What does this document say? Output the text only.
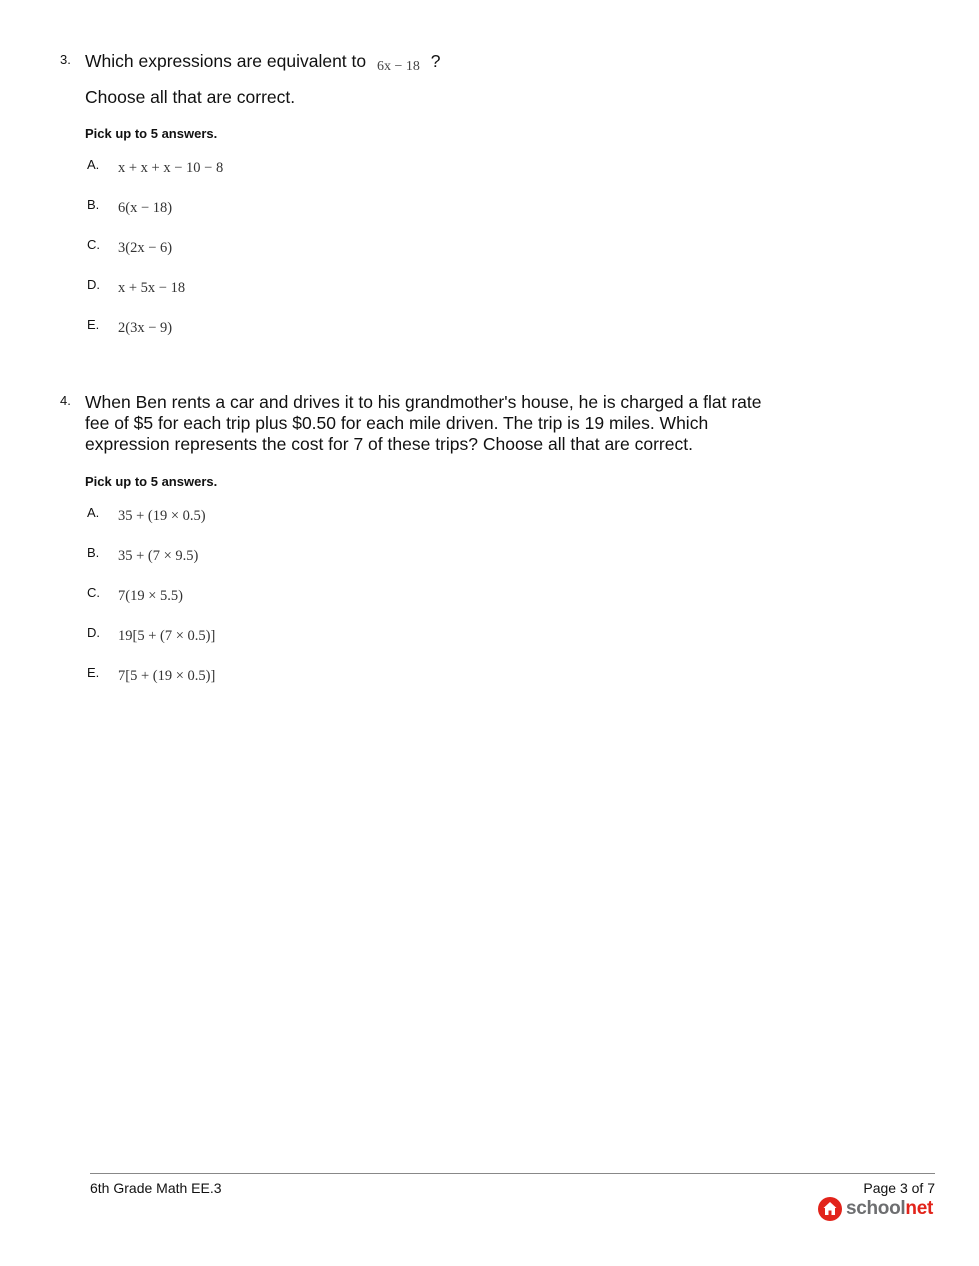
3. Which expressions are equivalent to 6x − 18 ?
Choose all that are correct.
Pick up to 5 answers.
A. x + x + x − 10 − 8
B. 6(x − 18)
C. 3(2x − 6)
D. x + 5x − 18
E. 2(3x − 9)
4. When Ben rents a car and drives it to his grandmother's house, he is charged a flat rate fee of $5 for each trip plus $0.50 for each mile driven. The trip is 19 miles. Which expression represents the cost for 7 of these trips? Choose all that are correct.
Pick up to 5 answers.
A. 35 + (19 × 0.5)
B. 35 + (7 × 9.5)
C. 7(19 × 5.5)
D. 19[5 + (7 × 0.5)]
E. 7[5 + (19 × 0.5)]
6th Grade Math EE.3	Page 3 of 7
schoolnet
